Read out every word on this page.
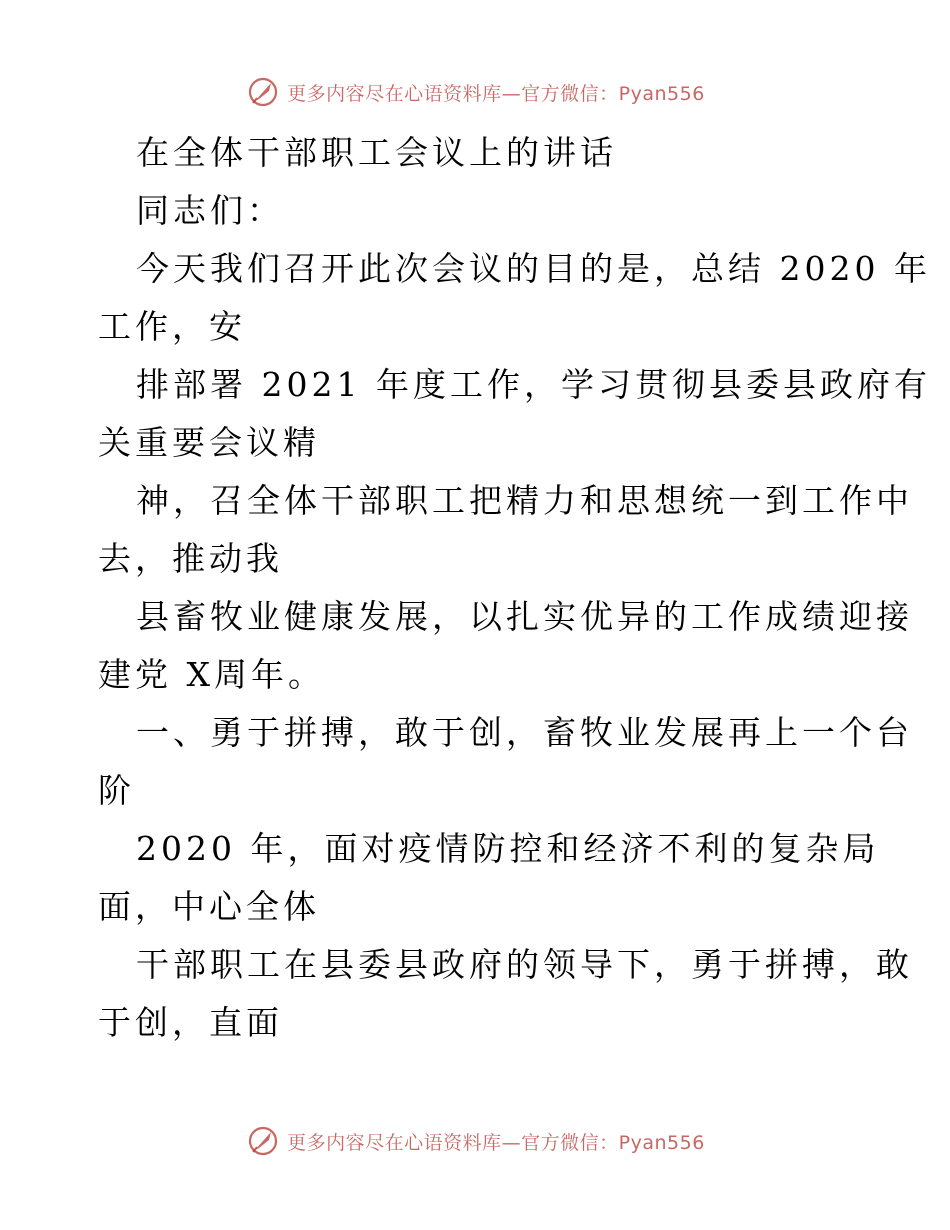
更多内容尽在心语资料库—官方微信：Pyan556
在全体干部职工会议上的讲话
同志们：
今天我们召开此次会议的目的是，总结 2020 年
工作，安
排部署 2021 年度工作，学习贯彻县委县政府有
关重要会议精
神，召全体干部职工把精力和思想统一到工作中
去，推动我
县畜牧业健康发展，以扎实优异的工作成绩迎接
建党 X周年。
一、勇于拼搏，敢于创，畜牧业发展再上一个台
阶
2020 年，面对疫情防控和经济不利的复杂局
面，中心全体
干部职工在县委县政府的领导下，勇于拼搏，敢
于创，直面
更多内容尽在心语资料库—官方微信：Pyan556
